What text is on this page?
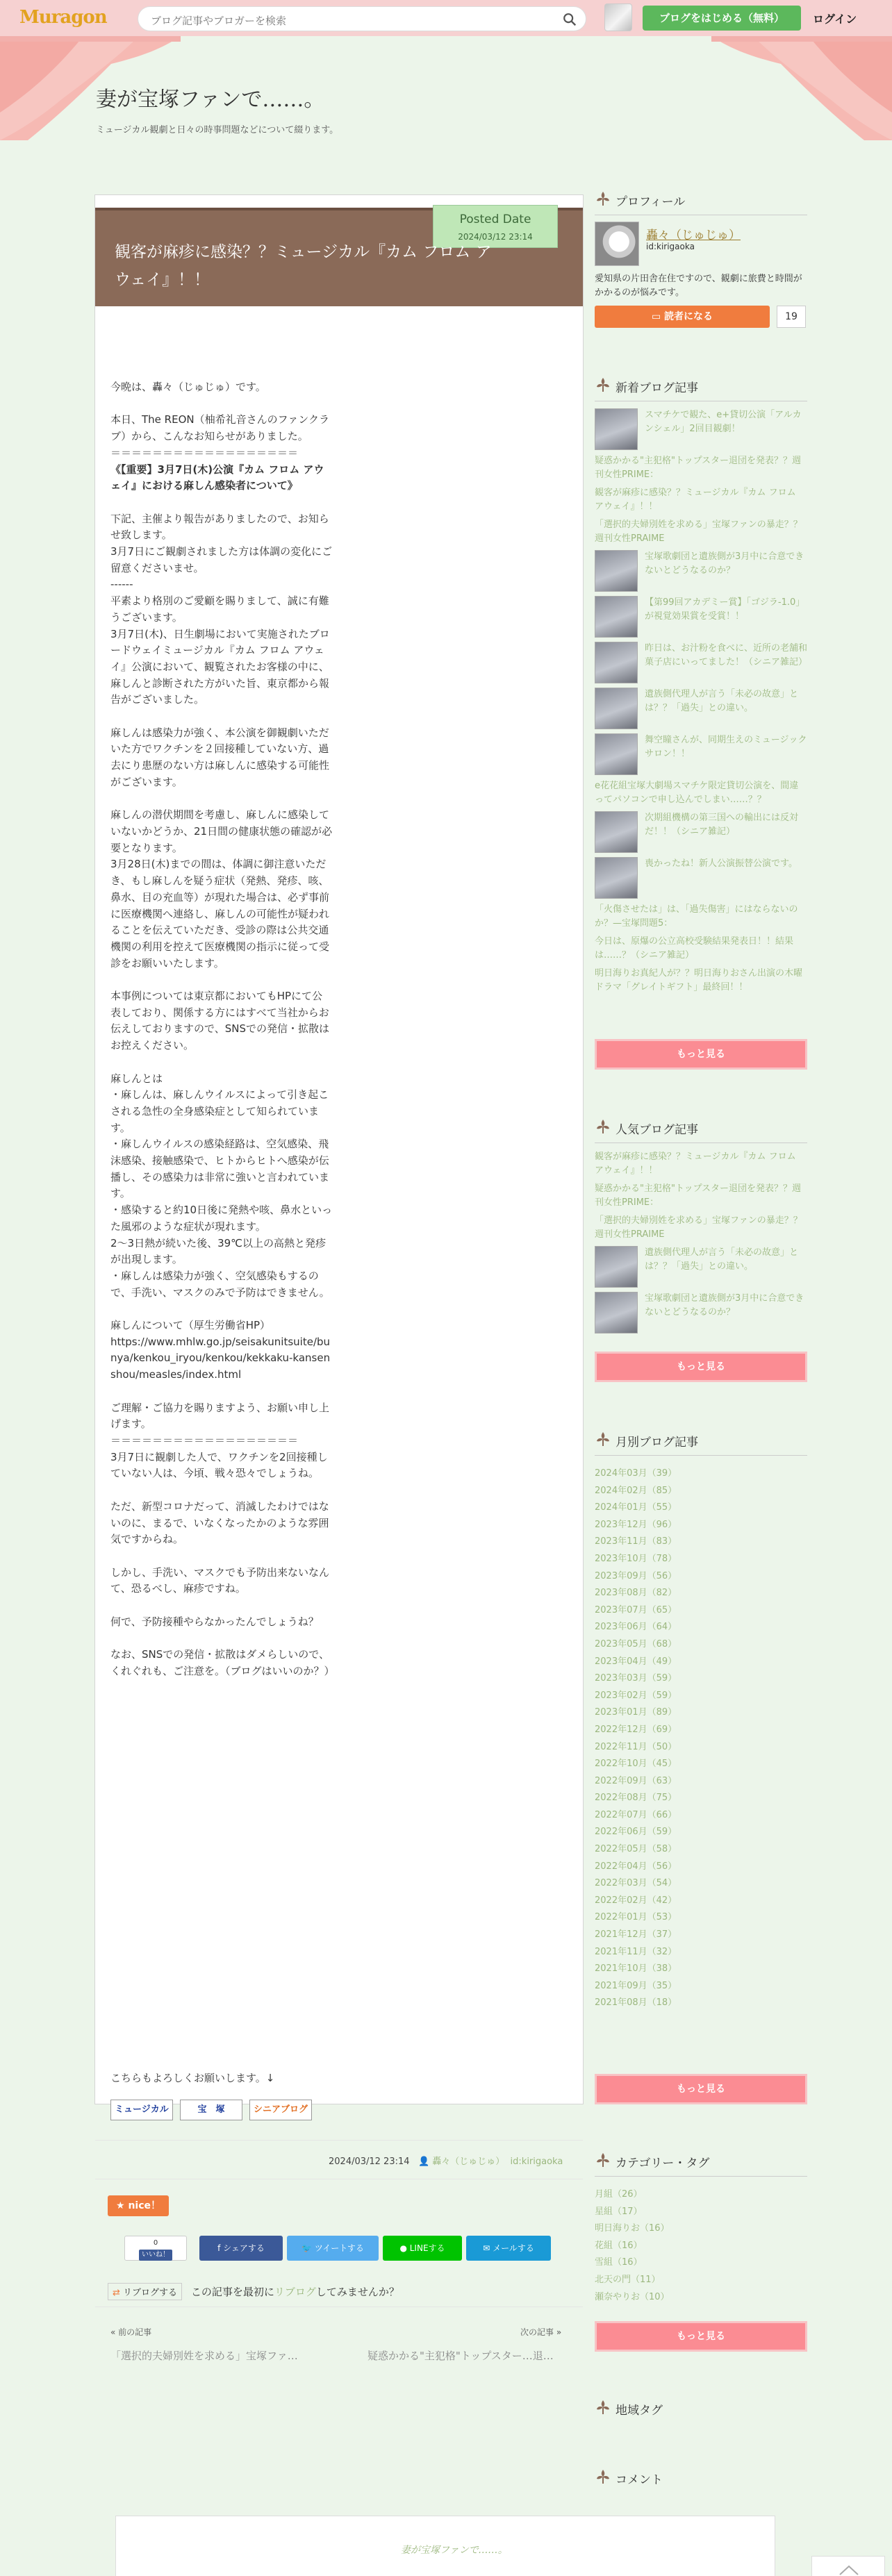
Muragon	ブログ記事やブロガーを検索	ブログをはじめる（無料）	ログイン
妻が宝塚ファンで……。
ミュージカル観劇と日々の時事問題などについて綴ります。
Posted Date
2024/03/12 23:14
観客が麻疹に感染？？ミュージカル『カム フロム アウェイ』！！

今晩は、轟々（じゅじゅ）です。

本日、The REON（柚希礼音さんのファンクラブ）から、こんなお知らせがありました。

＝＝＝＝＝＝＝＝＝＝＝＝＝＝＝＝＝＝

《【重要】3月7日(木)公演『カム フロム アウェイ』における麻しん感染者について》

下記、主催より報告がありましたので、お知らせ致します。
3月7日にご観劇されました方は体調の変化にご留意くださいませ。
------
平素より格別のご愛顧を賜りまして、誠に有難うございます。
3月7日(木)、日生劇場において実施されたブロードウェイミュージカル『カム フロム アウェイ』公演において、観覧されたお客様の中に、麻しんと診断された方がいた旨、東京都から報告がございました。

麻しんは感染力が強く、本公演を御観劇いただいた方でワクチンを２回接種していない方、過去にり患歴のない方は麻しんに感染する可能性がございます。

麻しんの潜伏期間を考慮し、麻しんに感染していないかどうか、21日間の健康状態の確認が必要となります。
3月28日(木)までの間は、体調に御注意いただき、もし麻しんを疑う症状（発熱、発疹、咳、鼻水、目の充血等）が現れた場合は、必ず事前に医療機関へ連絡し、麻しんの可能性が疑われることを伝えていただき、受診の際は公共交通機関の利用を控えて医療機関の指示に従って受診をお願いいたします。

本事例については東京都においてもHPにて公表しており、関係する方にはすべて当社からお伝えしておりますので、SNSでの発信・拡散はお控えください。

麻しんとは
・麻しんは、麻しんウイルスによって引き起こされる急性の全身感染症として知られています。
・麻しんウイルスの感染経路は、空気感染、飛沫感染、接触感染で、ヒトからヒトへ感染が伝播し、その感染力は非常に強いと言われています。
・感染すると約10日後に発熱や咳、鼻水といった風邪のような症状が現れます。
2〜3日熱が続いた後、39℃以上の高熱と発疹が出現します。
・麻しんは感染力が強く、空気感染もするので、手洗い、マスクのみで予防はできません。

麻しんについて（厚生労働省HP）
https://www.mhlw.go.jp/seisakunitsuite/bunya/kenkou_iryou/kenkou/kekkaku-kansenshou/measles/index.html

ご理解・ご協力を賜りますよう、お願い申し上げます。
＝＝＝＝＝＝＝＝＝＝＝＝＝＝＝＝＝＝
3月7日に観劇した人で、ワクチンを2回接種していない人は、今頃、戦々恐々でしょうね。

ただ、新型コロナだって、消滅したわけではないのに、まるで、いなくなったかのような雰囲気ですからね。

しかし、手洗い、マスクでも予防出来ないなんて、恐るべし、麻疹ですね。

何で、予防接種やらなかったんでしょうね？

なお、SNSでの発信・拡散はダメらしいので、くれぐれも、ご注意を。（ブログはいいのか？）

こちらもよろしくお願いします。↓
ミュージカル	宝　塚	シニアブログ
2024/03/12 23:14 👤 轟々（じゅじゅ） id:kirigaoka
★ nice！
0
いいね！
f シェアする	🐦 ツイートする	● LINEする	✉ メールする
⇄ リブログする この記事を最初にリブログしてみませんか？
« 前の記事	次の記事 »
「選択的夫婦別姓を求める」宝塚ファ…	疑惑かかる"主犯格"トップスター…退…
プロフィール
轟々（じゅじゅ）
id:kirigaoka
愛知県の片田舎在住ですので、観劇に旅費と時間がかかるのが悩みです。
▭ 読者になる	19
新着ブログ記事
スマチケで観た、e+貸切公演「アルカンシェル」2回目観劇！
疑惑かかる"主犯格"トップスター退団を発表？？週刊女性PRIME：
観客が麻疹に感染？？ミュージカル『カム フロム アウェイ』！！
「選択的夫婦別姓を求める」宝塚ファンの暴走？？週刊女性PRAIME
宝塚歌劇団と遺族側が3月中に合意できないとどうなるのか？
【第99回アカデミー賞】「ゴジラ-1.0」が視覚効果賞を受賞！！
昨日は、お汁粉を食べに、近所の老舗和菓子店にいってました！（シニア雑記）
遺族側代理人が言う「未必の故意」とは？？「過失」との違い。
舞空瞳さんが、同期生えのミュージックサロン！！
e花花組宝塚大劇場スマチケ限定貸切公演を、間違ってパソコンで申し込んでしまい……？？
次期組機構の第三国への輸出には反対だ！！（シニア雑記）
喪かったね！新人公演振替公演です。
「火傷させたは」は、「過失傷害」にはならないのか？—宝塚問題5：
今日は、原爆の公立高校受験結果発表日！！結果は……？（シニア雑記）
明日海りお真紀人が？？明日海りおさん出演の木曜ドラマ「グレイトギフト」最終回！！
もっと見る
人気ブログ記事
観客が麻疹に感染？？ミュージカル『カム フロム アウェイ』！！
疑惑かかる"主犯格"トップスター退団を発表？？週刊女性PRIME：
「選択的夫婦別姓を求める」宝塚ファンの暴走？？週刊女性PRAIME
遺族側代理人が言う「未必の故意」とは？？「過失」との違い。
宝塚歌劇団と遺族側が3月中に合意できないとどうなるのか？
もっと見る
月別ブログ記事
2024年03月（39）
2024年02月（85）
2024年01月（55）
2023年12月（96）
2023年11月（83）
2023年10月（78）
2023年09月（56）
2023年08月（82）
2023年07月（65）
2023年06月（64）
2023年05月（68）
2023年04月（49）
2023年03月（59）
2023年02月（59）
2023年01月（89）
2022年12月（69）
2022年11月（50）
2022年10月（45）
2022年09月（63）
2022年08月（75）
2022年07月（66）
2022年06月（59）
2022年05月（58）
2022年04月（56）
2022年03月（54）
2022年02月（42）
2022年01月（53）
2021年12月（37）
2021年11月（32）
2021年10月（38）
2021年09月（35）
2021年08月（18）
もっと見る
カテゴリー・タグ
月組（26）
星組（17）
明日海りお（16）
花組（16）
雪組（16）
北天の門（11）
瀬奈やりお（10）
もっと見る
地域タグ
コメント
妻が宝塚ファンで……。
